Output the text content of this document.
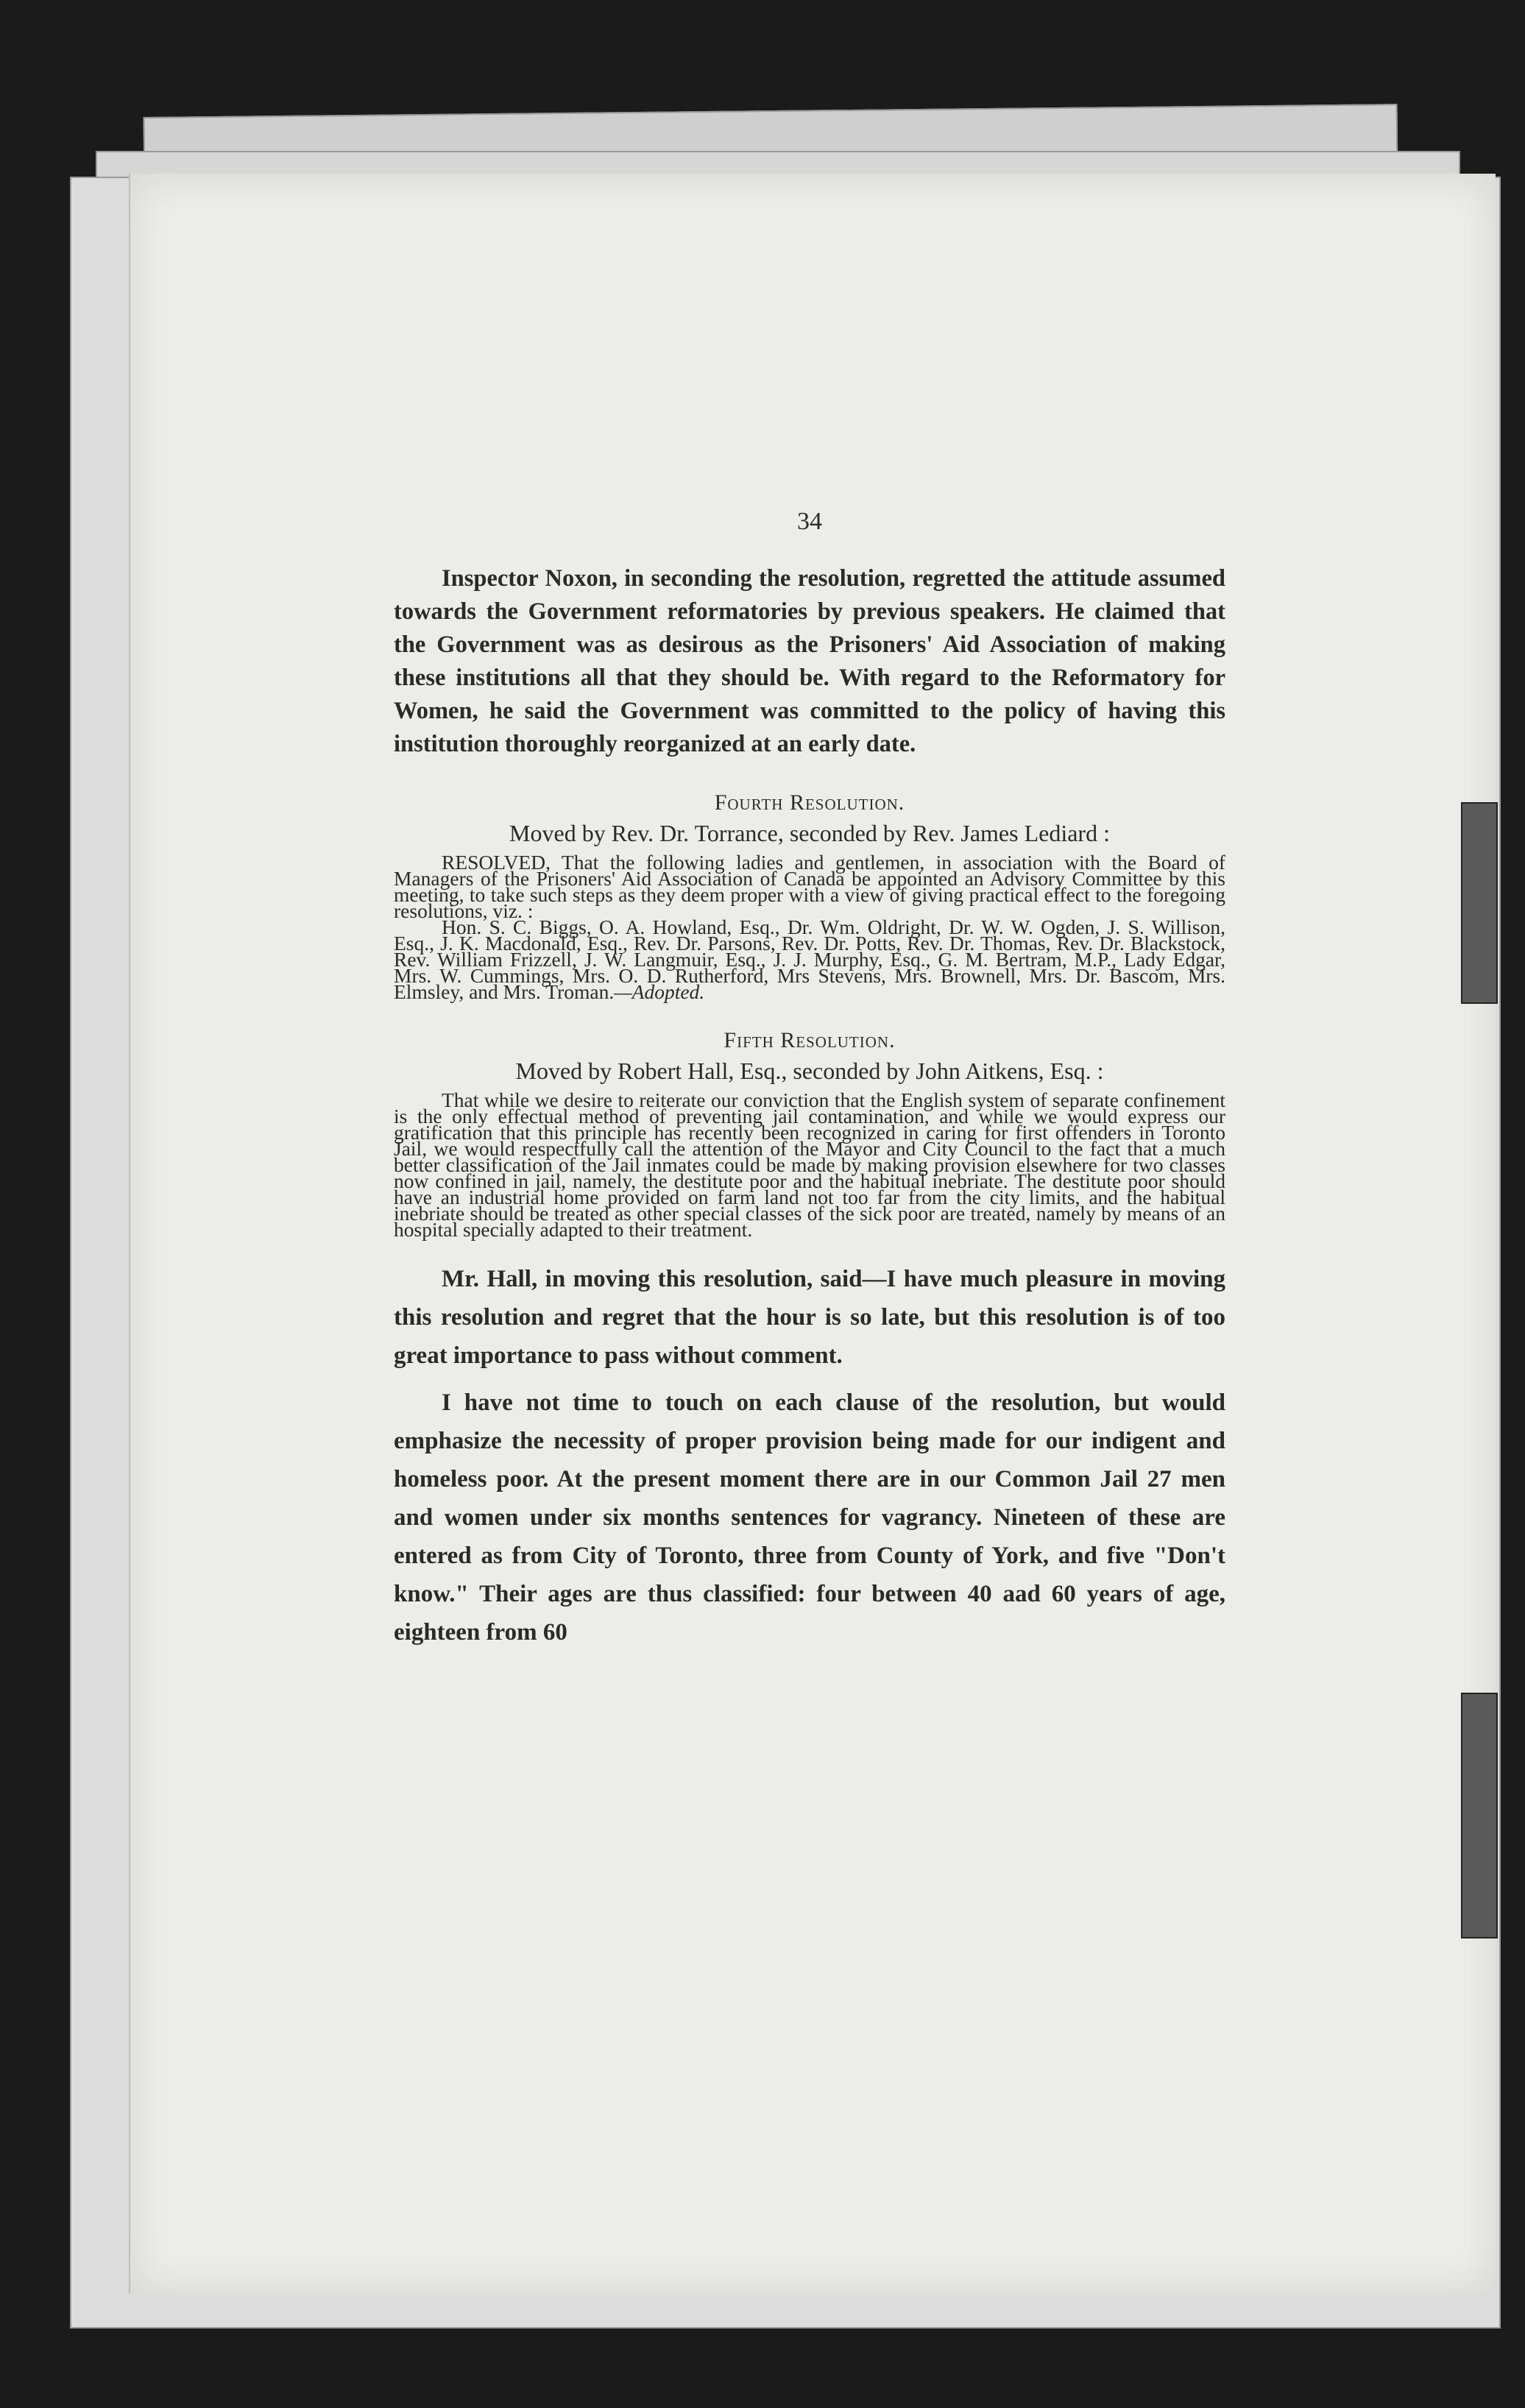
34

Inspector Noxon, in seconding the resolution, regretted the attitude assumed towards the Government reformatories by previous speakers. He claimed that the Government was as desirous as the Prisoners' Aid Association of making these institutions all that they should be. With regard to the Reformatory for Women, he said the Government was committed to the policy of having this institution thoroughly reorganized at an early date.

Fourth Resolution.
Moved by Rev. Dr. Torrance, seconded by Rev. James Lediard :

RESOLVED, That the following ladies and gentlemen, in association with the Board of Managers of the Prisoners' Aid Association of Canada be appointed an Advisory Committee by this meeting, to take such steps as they deem proper with a view of giving practical effect to the foregoing resolutions, viz. :

Hon. S. C. Biggs, O. A. Howland, Esq., Dr. Wm. Oldright, Dr. W. W. Ogden, J. S. Willison, Esq., J. K. Macdonald, Esq., Rev. Dr. Parsons, Rev. Dr. Potts, Rev. Dr. Thomas, Rev. Dr. Blackstock, Rev. William Frizzell, J. W. Langmuir, Esq., J. J. Murphy, Esq., G. M. Bertram, M.P., Lady Edgar, Mrs. W. Cummings, Mrs. O. D. Rutherford, Mrs Stevens, Mrs. Brownell, Mrs. Dr. Bascom, Mrs. Elmsley, and Mrs. Troman.—Adopted.

Fifth Resolution.
Moved by Robert Hall, Esq., seconded by John Aitkens, Esq. :

That while we desire to reiterate our conviction that the English system of separate confinement is the only effectual method of preventing jail contamination, and while we would express our gratification that this principle has recently been recognized in caring for first offenders in Toronto Jail, we would respectfully call the attention of the Mayor and City Council to the fact that a much better classification of the Jail inmates could be made by making provision elsewhere for two classes now confined in jail, namely, the destitute poor and the habitual inebriate. The destitute poor should have an industrial home provided on farm land not too far from the city limits, and the habitual inebriate should be treated as other special classes of the sick poor are treated, namely by means of an hospital specially adapted to their treatment.

Mr. Hall, in moving this resolution, said—I have much pleasure in moving this resolution and regret that the hour is so late, but this resolution is of too great importance to pass without comment.

I have not time to touch on each clause of the resolution, but would emphasize the necessity of proper provision being made for our indigent and homeless poor. At the present moment there are in our Common Jail 27 men and women under six months sentences for vagrancy. Nineteen of these are entered as from City of Toronto, three from County of York, and five "Don't know." Their ages are thus classified: four between 40 aad 60 years of age, eighteen from 60
